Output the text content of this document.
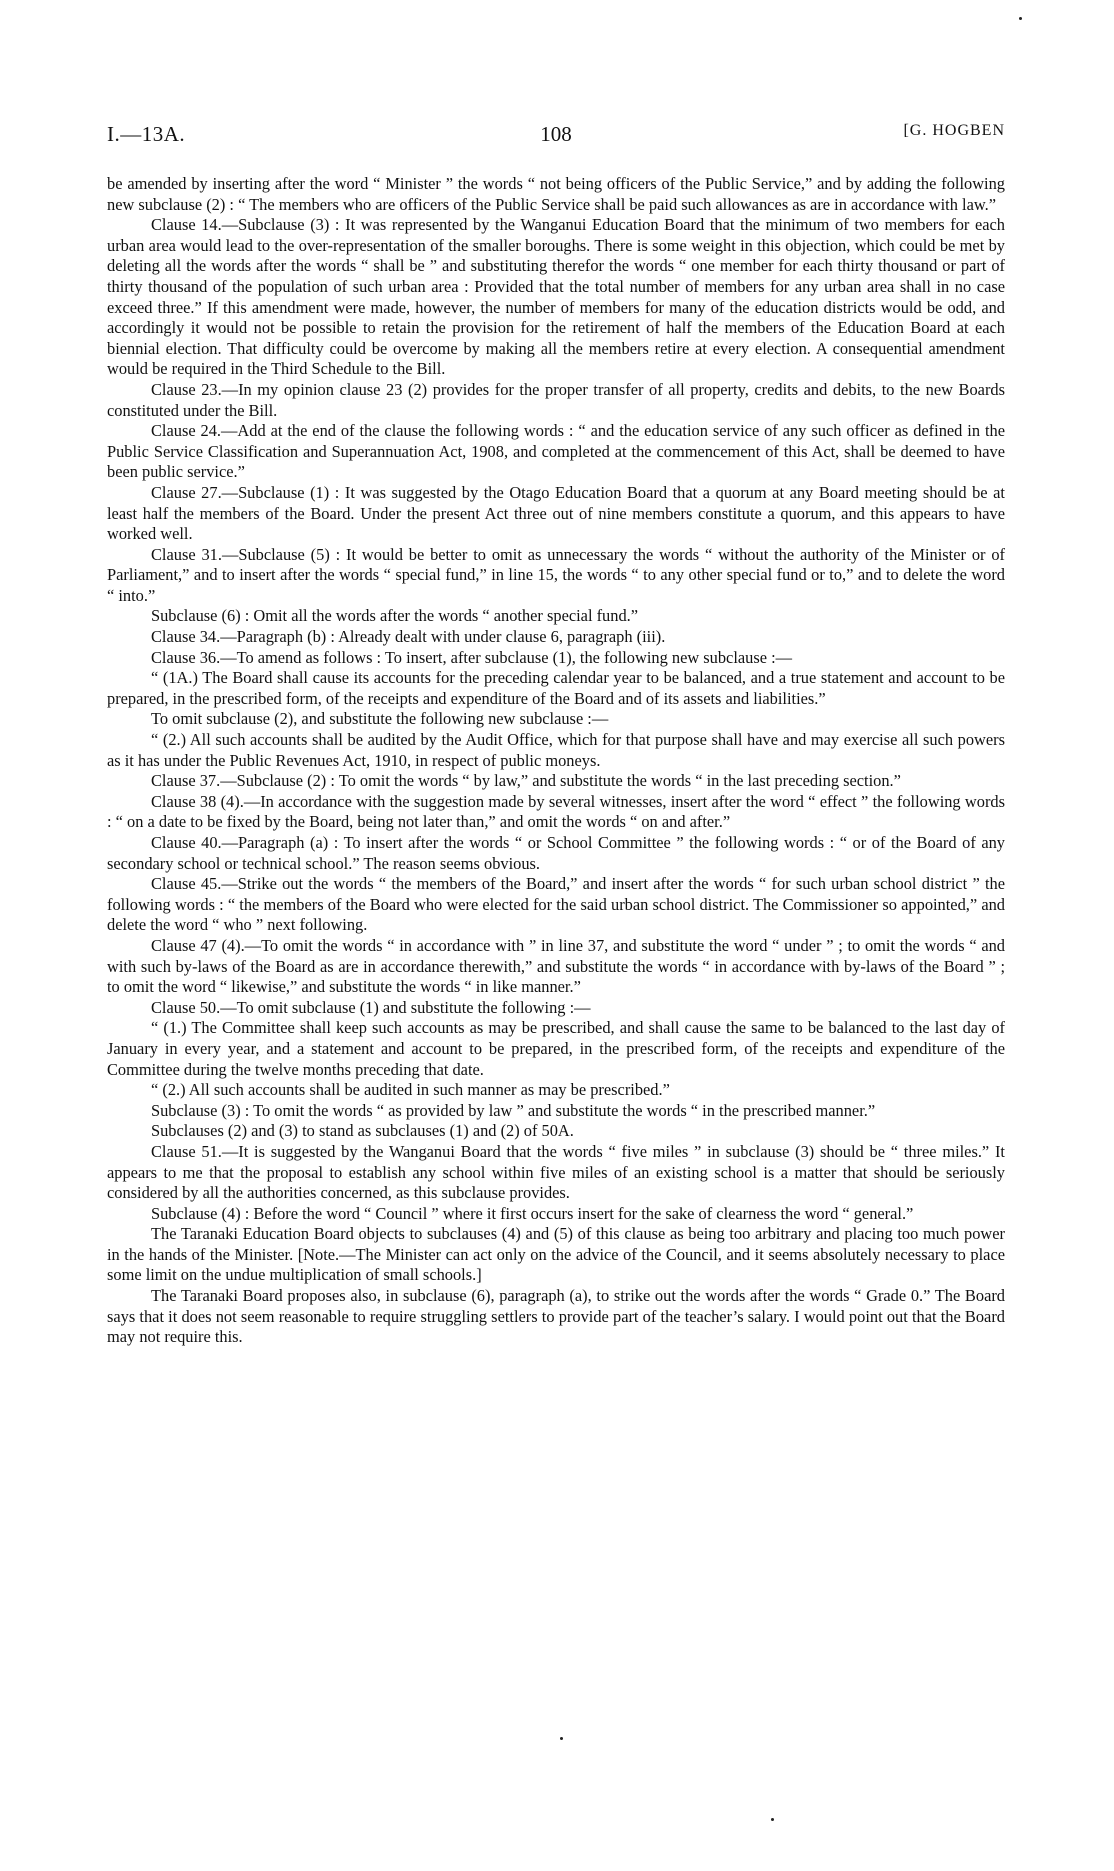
I.—13A.	108	[G. HOGBEN

be amended by inserting after the word “ Minister ” the words “ not being officers of the Public Service,” and by adding the following new subclause (2) : “ The members who are officers of the Public Service shall be paid such allowances as are in accordance with law.”

Clause 14.—Subclause (3) : It was represented by the Wanganui Education Board that the minimum of two members for each urban area would lead to the over-representation of the smaller boroughs. There is some weight in this objection, which could be met by deleting all the words after the words “ shall be ” and substituting therefor the words “ one member for each thirty thousand or part of thirty thousand of the population of such urban area : Provided that the total number of members for any urban area shall in no case exceed three.” If this amendment were made, however, the number of members for many of the education districts would be odd, and accordingly it would not be possible to retain the provision for the retirement of half the members of the Education Board at each biennial election. That difficulty could be overcome by making all the members retire at every election. A consequential amendment would be required in the Third Schedule to the Bill.

Clause 23.—In my opinion clause 23 (2) provides for the proper transfer of all property, credits and debits, to the new Boards constituted under the Bill.

Clause 24.—Add at the end of the clause the following words : “ and the education service of any such officer as defined in the Public Service Classification and Superannuation Act, 1908, and completed at the commencement of this Act, shall be deemed to have been public service.”

Clause 27.—Subclause (1) : It was suggested by the Otago Education Board that a quorum at any Board meeting should be at least half the members of the Board. Under the present Act three out of nine members constitute a quorum, and this appears to have worked well.

Clause 31.—Subclause (5) : It would be better to omit as unnecessary the words “ without the authority of the Minister or of Parliament,” and to insert after the words “ special fund,” in line 15, the words “ to any other special fund or to,” and to delete the word “ into.”

Subclause (6) : Omit all the words after the words “ another special fund.”

Clause 34.—Paragraph (b) : Already dealt with under clause 6, paragraph (iii).

Clause 36.—To amend as follows : To insert, after subclause (1), the following new subclause :—

“ (1A.) The Board shall cause its accounts for the preceding calendar year to be balanced, and a true statement and account to be prepared, in the prescribed form, of the receipts and expenditure of the Board and of its assets and liabilities.”

To omit subclause (2), and substitute the following new subclause :—

“ (2.) All such accounts shall be audited by the Audit Office, which for that purpose shall have and may exercise all such powers as it has under the Public Revenues Act, 1910, in respect of public moneys.

Clause 37.—Subclause (2) : To omit the words “ by law,” and substitute the words “ in the last preceding section.”

Clause 38 (4).—In accordance with the suggestion made by several witnesses, insert after the word “ effect ” the following words : “ on a date to be fixed by the Board, being not later than,” and omit the words “ on and after.”

Clause 40.—Paragraph (a) : To insert after the words “ or School Committee ” the following words : “ or of the Board of any secondary school or technical school.” The reason seems obvious.

Clause 45.—Strike out the words “ the members of the Board,” and insert after the words “ for such urban school district ” the following words : “ the members of the Board who were elected for the said urban school district. The Commissioner so appointed,” and delete the word “ who ” next following.

Clause 47 (4).—To omit the words “ in accordance with ” in line 37, and substitute the word “ under ” ; to omit the words “ and with such by-laws of the Board as are in accordance therewith,” and substitute the words “ in accordance with by-laws of the Board ” ; to omit the word “ likewise,” and substitute the words “ in like manner.”

Clause 50.—To omit subclause (1) and substitute the following :—

“ (1.) The Committee shall keep such accounts as may be prescribed, and shall cause the same to be balanced to the last day of January in every year, and a statement and account to be prepared, in the prescribed form, of the receipts and expenditure of the Committee during the twelve months preceding that date.

“ (2.) All such accounts shall be audited in such manner as may be prescribed.”

Subclause (3) : To omit the words “ as provided by law ” and substitute the words “ in the prescribed manner.”

Subclauses (2) and (3) to stand as subclauses (1) and (2) of 50A.

Clause 51.—It is suggested by the Wanganui Board that the words “ five miles ” in subclause (3) should be “ three miles.” It appears to me that the proposal to establish any school within five miles of an existing school is a matter that should be seriously considered by all the authorities concerned, as this subclause provides.

Subclause (4) : Before the word “ Council ” where it first occurs insert for the sake of clearness the word “ general.”

The Taranaki Education Board objects to subclauses (4) and (5) of this clause as being too arbitrary and placing too much power in the hands of the Minister. [Note.—The Minister can act only on the advice of the Council, and it seems absolutely necessary to place some limit on the undue multiplication of small schools.]

The Taranaki Board proposes also, in subclause (6), paragraph (a), to strike out the words after the words “ Grade 0.” The Board says that it does not seem reasonable to require struggling settlers to provide part of the teacher’s salary. I would point out that the Board may not require this.
